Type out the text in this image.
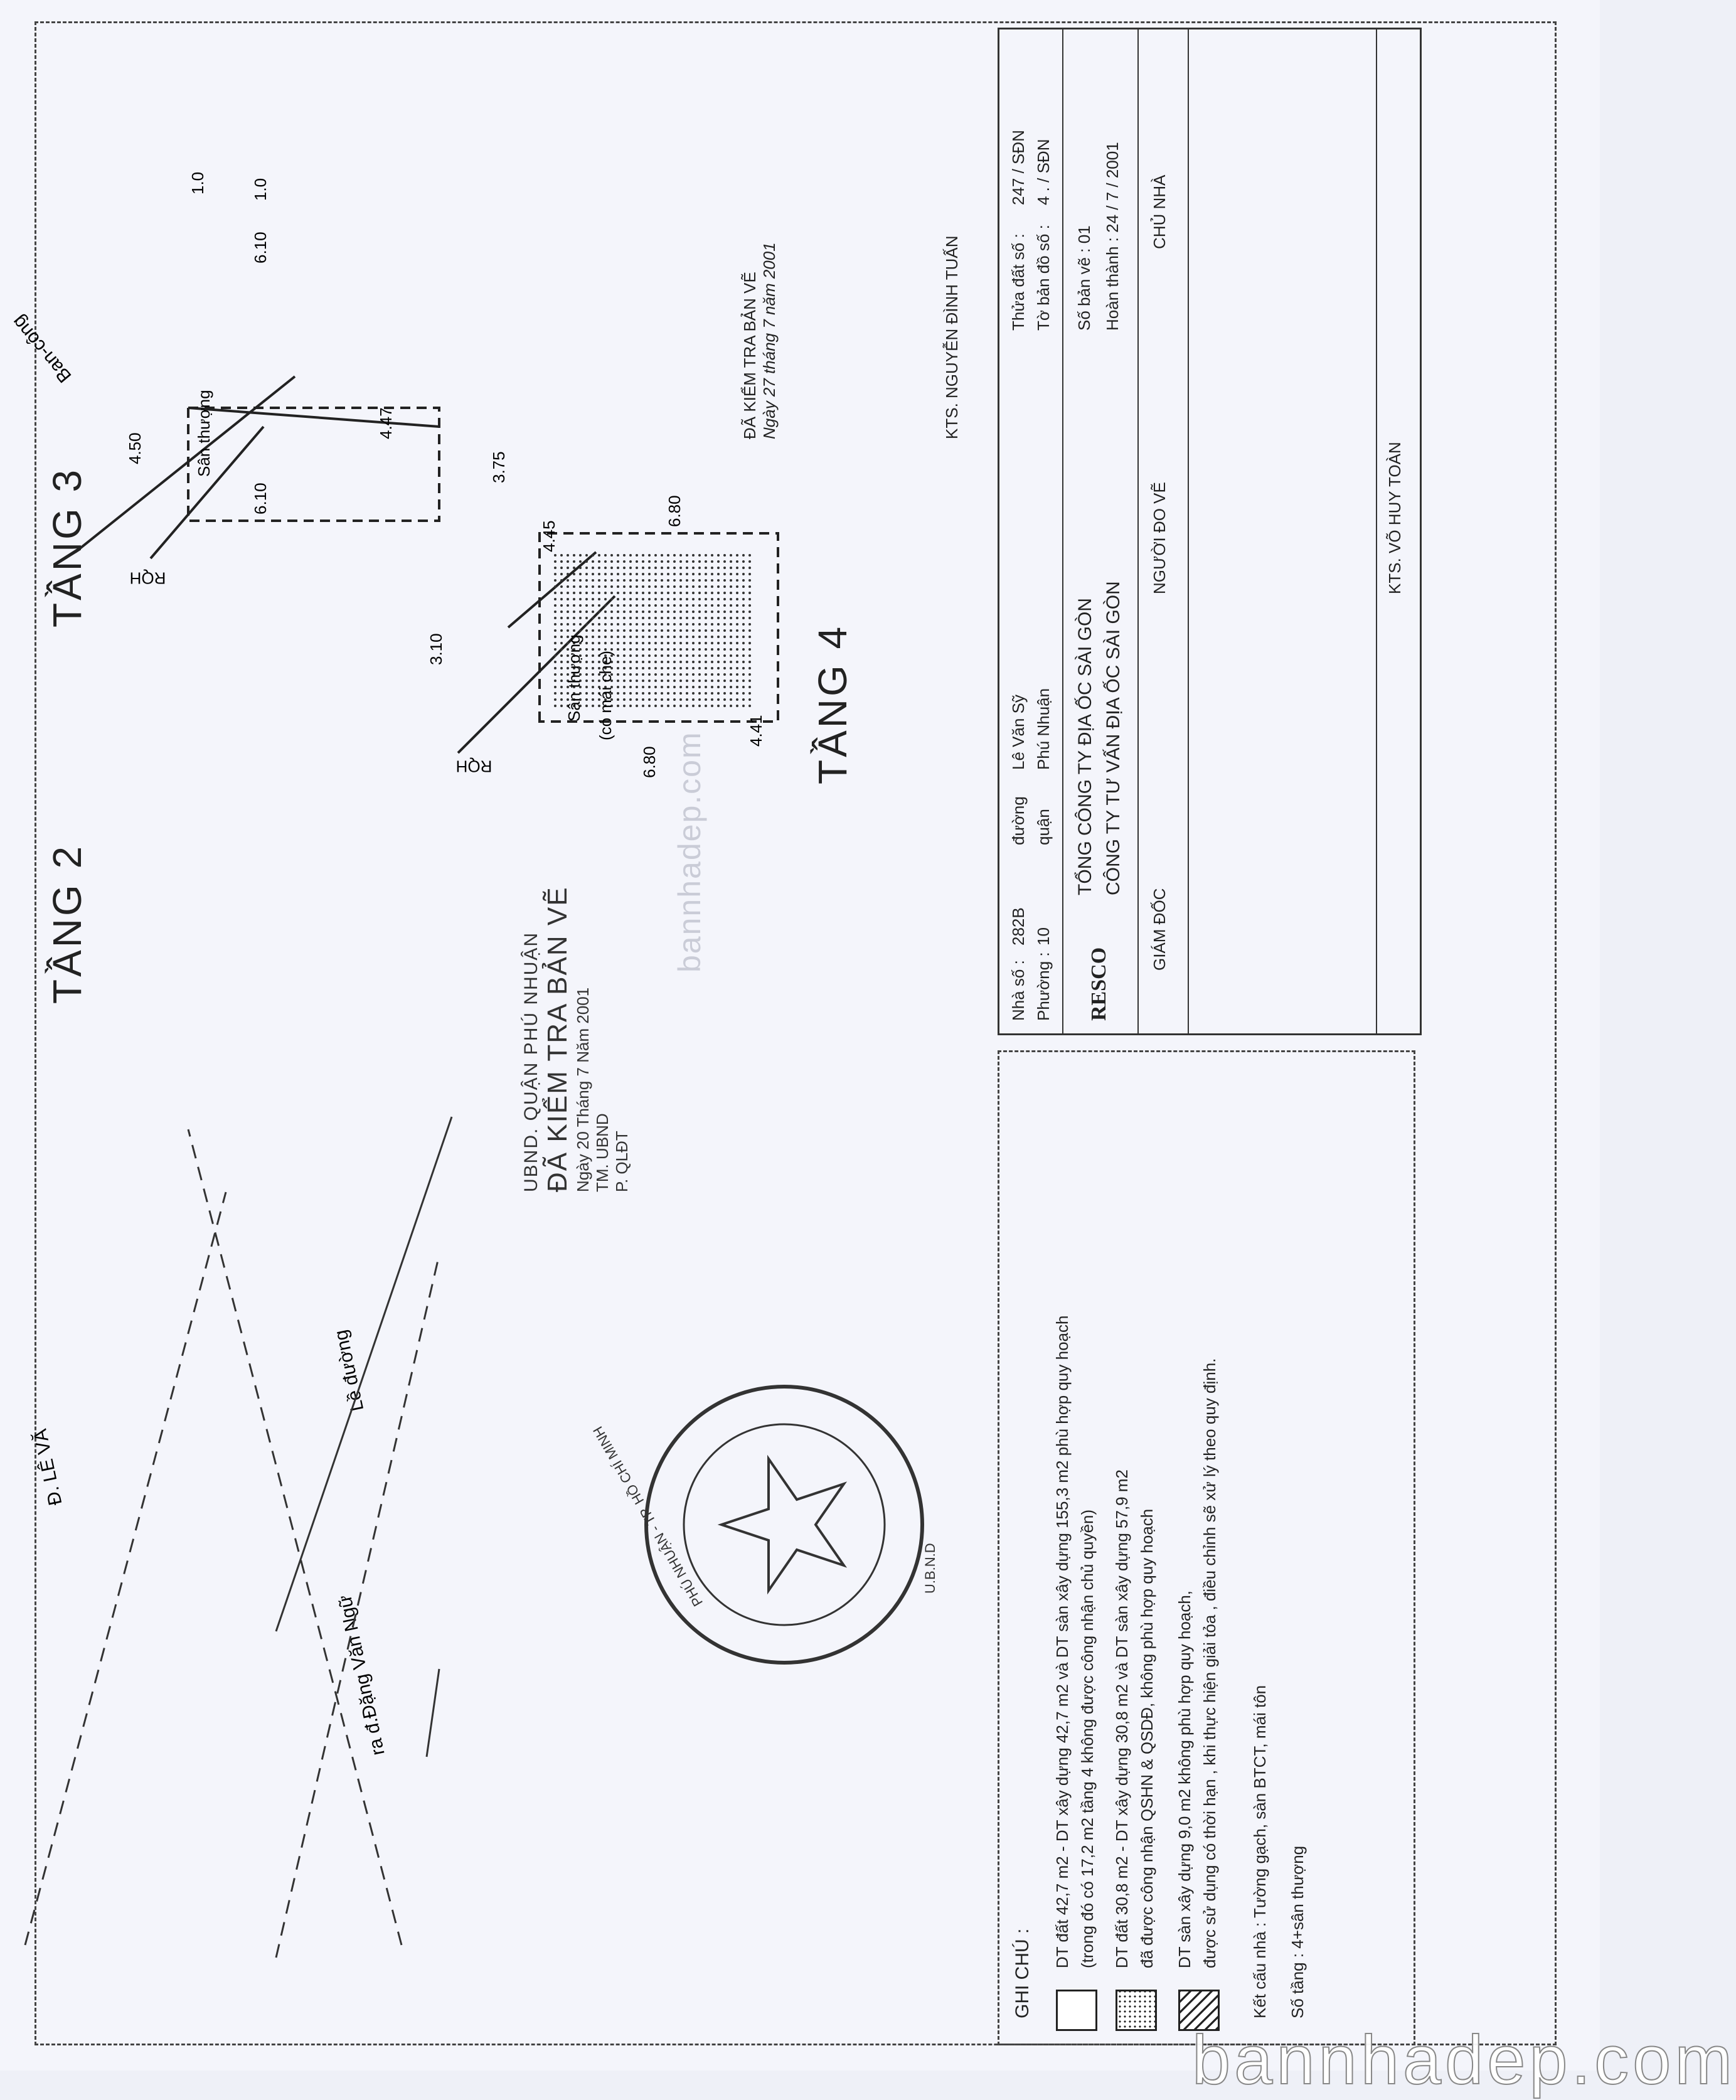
TẦNG 2
TẦNG 3
TẦNG 4
Đ. LÊ VĂ
Lề đường
ra đ.Đặng Văn Ngữ
Ban-công
Sân thượng
4.50
4.47
6.10
6.10
1.0	1.0
RQH
Sân thượng (có mái che)
4.45
4.41
3.75
3.10
6.80
6.80
RQH
UBND. QUẬN PHÚ NHUẬN ĐÃ KIỂM TRA BẢN VẼ Ngày 20 Tháng 7 Năm 2001 TM. UBND P. QLĐT
PHÚ NHUẬN - TP. HỒ CHÍ MINH	U.B.N.D
ĐÃ KIỂM TRA BẢN VẼ Ngày 27 tháng 7 năm 2001	KTS. NGUYỄN ĐÌNH TUẤN
Nhà số :
282B
đường
Lê Văn Sỹ
Thửa đất số :
247 / SĐN
Phường :
10
quận
Phú Nhuận
Tờ bản đồ số :
4 . / SĐN
RESCO
TỔNG CÔNG TY ĐỊA ỐC SÀI GÒN CÔNG TY TƯ VẤN ĐỊA ỐC SÀI GÒN
Số bản vẽ : 01 Hoàn thành : 24 / 7 / 2001
GIÁM ĐỐC
NGƯỜI ĐO VẼ
CHỦ NHÀ
KTS. VÕ HUY TOÀN
GHI CHÚ :
DT đất 42,7 m2 - DT xây dựng 42,7 m2 và DT sàn xây dựng 155,3 m2 phù hợp quy hoạch (trong đó có 17,2 m2 tầng 4 không được công nhận chủ quyền) DT đất 30,8 m2 - DT xây dựng 30,8 m2 và DT sàn xây dựng 57,9 m2 đã được công nhận QSHN & QSDĐ, không phù hợp quy hoạch DT sàn xây dựng 9,0 m2 không phù hợp quy hoạch, được sử dụng có thời hạn , khi thực hiện giải tỏa , điều chỉnh sẽ xử lý theo quy định. Kết cấu nhà : Tường gạch, sàn BTCT, mái tôn Số tầng : 4+sân thượng
bannhadep.com
bannhadep.com
